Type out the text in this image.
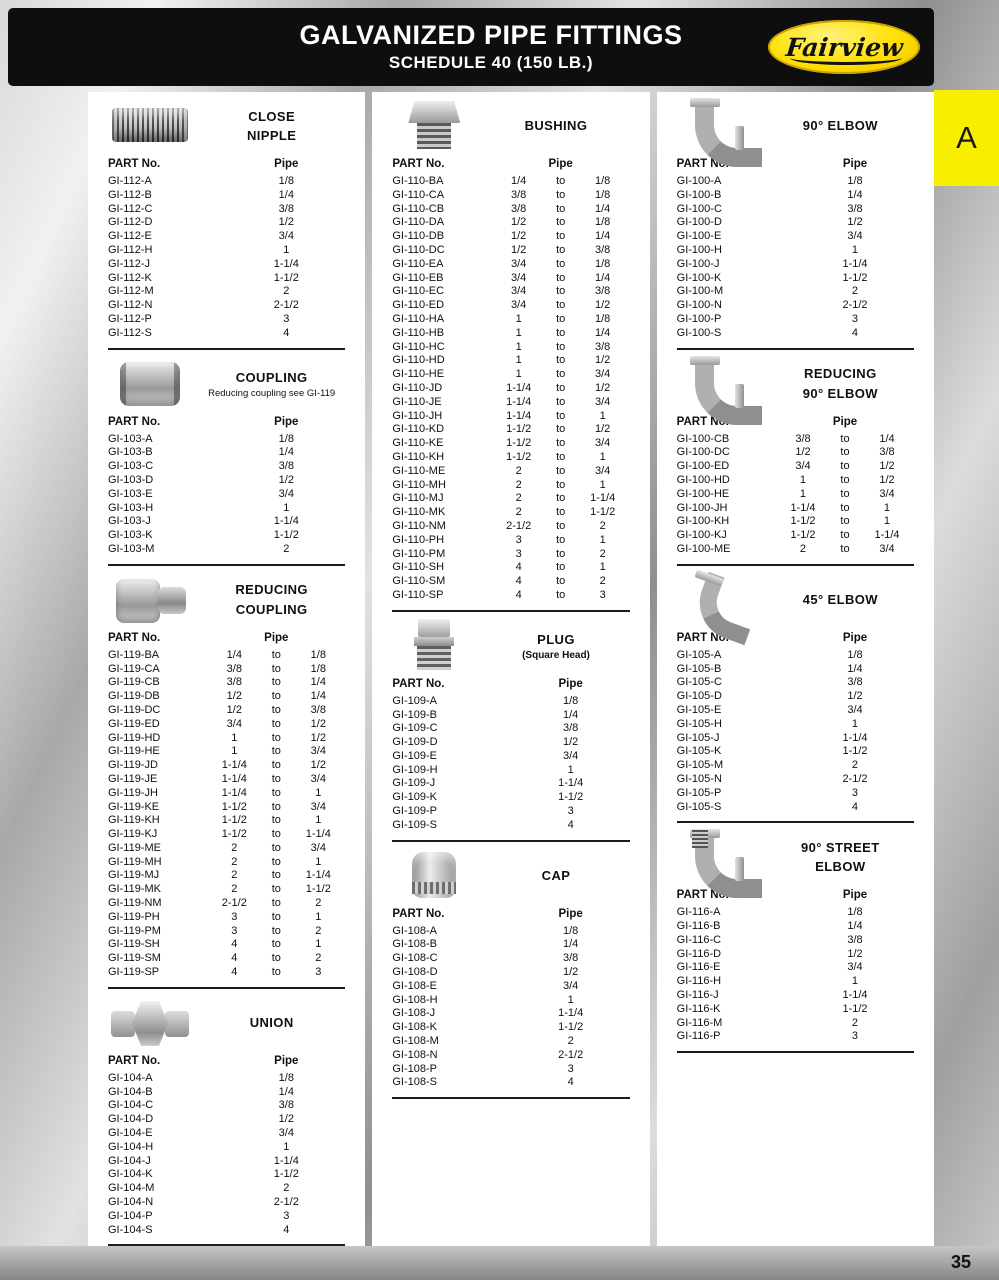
GALVANIZED PIPE FITTINGS
SCHEDULE 40 (150 LB.)
Fairview
A
CLOSE
NIPPLE
PART No.	Pipe
GI-112-A	1/8
GI-112-B	1/4
GI-112-C	3/8
GI-112-D	1/2
GI-112-E	3/4
GI-112-H	1
GI-112-J	1-1/4
GI-112-K	1-1/2
GI-112-M	2
GI-112-N	2-1/2
GI-112-P	3
GI-112-S	4
COUPLING
Reducing coupling see GI-119
PART No.	Pipe
GI-103-A	1/8
GI-103-B	1/4
GI-103-C	3/8
GI-103-D	1/2
GI-103-E	3/4
GI-103-H	1
GI-103-J	1-1/4
GI-103-K	1-1/2
GI-103-M	2
REDUCING
COUPLING
PART No.	Pipe
GI-119-BA	1/4	to	1/8
GI-119-CA	3/8	to	1/8
GI-119-CB	3/8	to	1/4
GI-119-DB	1/2	to	1/4
GI-119-DC	1/2	to	3/8
GI-119-ED	3/4	to	1/2
GI-119-HD	1	to	1/2
GI-119-HE	1	to	3/4
GI-119-JD	1-1/4	to	1/2
GI-119-JE	1-1/4	to	3/4
GI-119-JH	1-1/4	to	1
GI-119-KE	1-1/2	to	3/4
GI-119-KH	1-1/2	to	1
GI-119-KJ	1-1/2	to	1-1/4
GI-119-ME	2	to	3/4
GI-119-MH	2	to	1
GI-119-MJ	2	to	1-1/4
GI-119-MK	2	to	1-1/2
GI-119-NM	2-1/2	to	2
GI-119-PH	3	to	1
GI-119-PM	3	to	2
GI-119-SH	4	to	1
GI-119-SM	4	to	2
GI-119-SP	4	to	3
UNION
PART No.	Pipe
GI-104-A	1/8
GI-104-B	1/4
GI-104-C	3/8
GI-104-D	1/2
GI-104-E	3/4
GI-104-H	1
GI-104-J	1-1/4
GI-104-K	1-1/2
GI-104-M	2
GI-104-N	2-1/2
GI-104-P	3
GI-104-S	4
BUSHING
PART No.	Pipe
GI-110-BA	1/4	to	1/8
GI-110-CA	3/8	to	1/8
GI-110-CB	3/8	to	1/4
GI-110-DA	1/2	to	1/8
GI-110-DB	1/2	to	1/4
GI-110-DC	1/2	to	3/8
GI-110-EA	3/4	to	1/8
GI-110-EB	3/4	to	1/4
GI-110-EC	3/4	to	3/8
GI-110-ED	3/4	to	1/2
GI-110-HA	1	to	1/8
GI-110-HB	1	to	1/4
GI-110-HC	1	to	3/8
GI-110-HD	1	to	1/2
GI-110-HE	1	to	3/4
GI-110-JD	1-1/4	to	1/2
GI-110-JE	1-1/4	to	3/4
GI-110-JH	1-1/4	to	1
GI-110-KD	1-1/2	to	1/2
GI-110-KE	1-1/2	to	3/4
GI-110-KH	1-1/2	to	1
GI-110-ME	2	to	3/4
GI-110-MH	2	to	1
GI-110-MJ	2	to	1-1/4
GI-110-MK	2	to	1-1/2
GI-110-NM	2-1/2	to	2
GI-110-PH	3	to	1
GI-110-PM	3	to	2
GI-110-SH	4	to	1
GI-110-SM	4	to	2
GI-110-SP	4	to	3
PLUG
(Square Head)
PART No.	Pipe
GI-109-A	1/8
GI-109-B	1/4
GI-109-C	3/8
GI-109-D	1/2
GI-109-E	3/4
GI-109-H	1
GI-109-J	1-1/4
GI-109-K	1-1/2
GI-109-P	3
GI-109-S	4
CAP
PART No.	Pipe
GI-108-A	1/8
GI-108-B	1/4
GI-108-C	3/8
GI-108-D	1/2
GI-108-E	3/4
GI-108-H	1
GI-108-J	1-1/4
GI-108-K	1-1/2
GI-108-M	2
GI-108-N	2-1/2
GI-108-P	3
GI-108-S	4
90° ELBOW
PART No.	Pipe
GI-100-A	1/8
GI-100-B	1/4
GI-100-C	3/8
GI-100-D	1/2
GI-100-E	3/4
GI-100-H	1
GI-100-J	1-1/4
GI-100-K	1-1/2
GI-100-M	2
GI-100-N	2-1/2
GI-100-P	3
GI-100-S	4
REDUCING
90° ELBOW
PART No.	Pipe
GI-100-CB	3/8	to	1/4
GI-100-DC	1/2	to	3/8
GI-100-ED	3/4	to	1/2
GI-100-HD	1	to	1/2
GI-100-HE	1	to	3/4
GI-100-JH	1-1/4	to	1
GI-100-KH	1-1/2	to	1
GI-100-KJ	1-1/2	to	1-1/4
GI-100-ME	2	to	3/4
45° ELBOW
PART No.	Pipe
GI-105-A	1/8
GI-105-B	1/4
GI-105-C	3/8
GI-105-D	1/2
GI-105-E	3/4
GI-105-H	1
GI-105-J	1-1/4
GI-105-K	1-1/2
GI-105-M	2
GI-105-N	2-1/2
GI-105-P	3
GI-105-S	4
90° STREET
ELBOW
PART No.	Pipe
GI-116-A	1/8
GI-116-B	1/4
GI-116-C	3/8
GI-116-D	1/2
GI-116-E	3/4
GI-116-H	1
GI-116-J	1-1/4
GI-116-K	1-1/2
GI-116-M	2
GI-116-P	3
35
